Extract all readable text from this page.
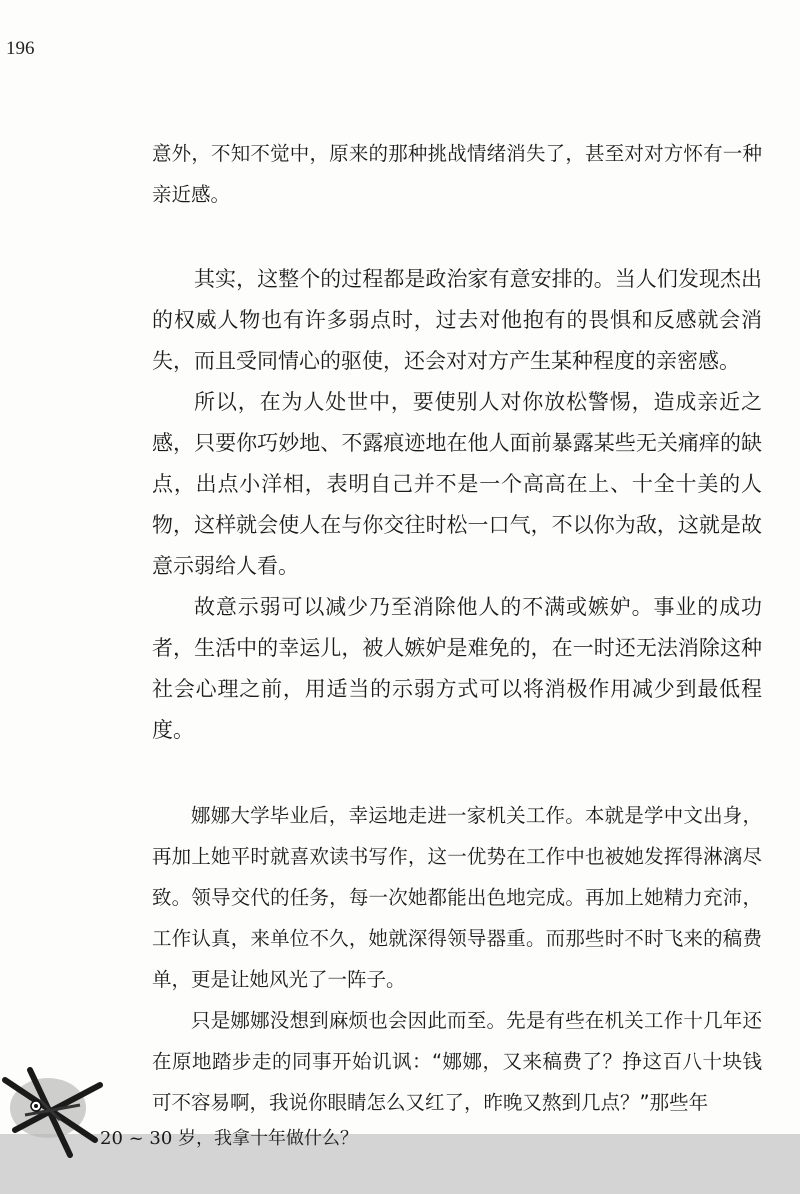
196

意外，不知不觉中，原来的那种挑战情绪消失了，甚至对对方怀有一种亲近感。

其实，这整个的过程都是政治家有意安排的。当人们发现杰出的权威人物也有许多弱点时，过去对他抱有的畏惧和反感就会消失，而且受同情心的驱使，还会对对方产生某种程度的亲密感。

所以，在为人处世中，要使别人对你放松警惕，造成亲近之感，只要你巧妙地、不露痕迹地在他人面前暴露某些无关痛痒的缺点，出点小洋相，表明自己并不是一个高高在上、十全十美的人物，这样就会使人在与你交往时松一口气，不以你为敌，这就是故意示弱给人看。

故意示弱可以减少乃至消除他人的不满或嫉妒。事业的成功者，生活中的幸运儿，被人嫉妒是难免的，在一时还无法消除这种社会心理之前，用适当的示弱方式可以将消极作用减少到最低程度。

娜娜大学毕业后，幸运地走进一家机关工作。本就是学中文出身，再加上她平时就喜欢读书写作，这一优势在工作中也被她发挥得淋漓尽致。领导交代的任务，每一次她都能出色地完成。再加上她精力充沛，工作认真，来单位不久，她就深得领导器重。而那些时不时飞来的稿费单，更是让她风光了一阵子。

只是娜娜没想到麻烦也会因此而至。先是有些在机关工作十几年还在原地踏步走的同事开始讥讽：“娜娜，又来稿费了？挣这百八十块钱可不容易啊，我说你眼睛怎么又红了，昨晚又熬到几点？”那些年

20 ~ 30 岁，我拿十年做什么？
